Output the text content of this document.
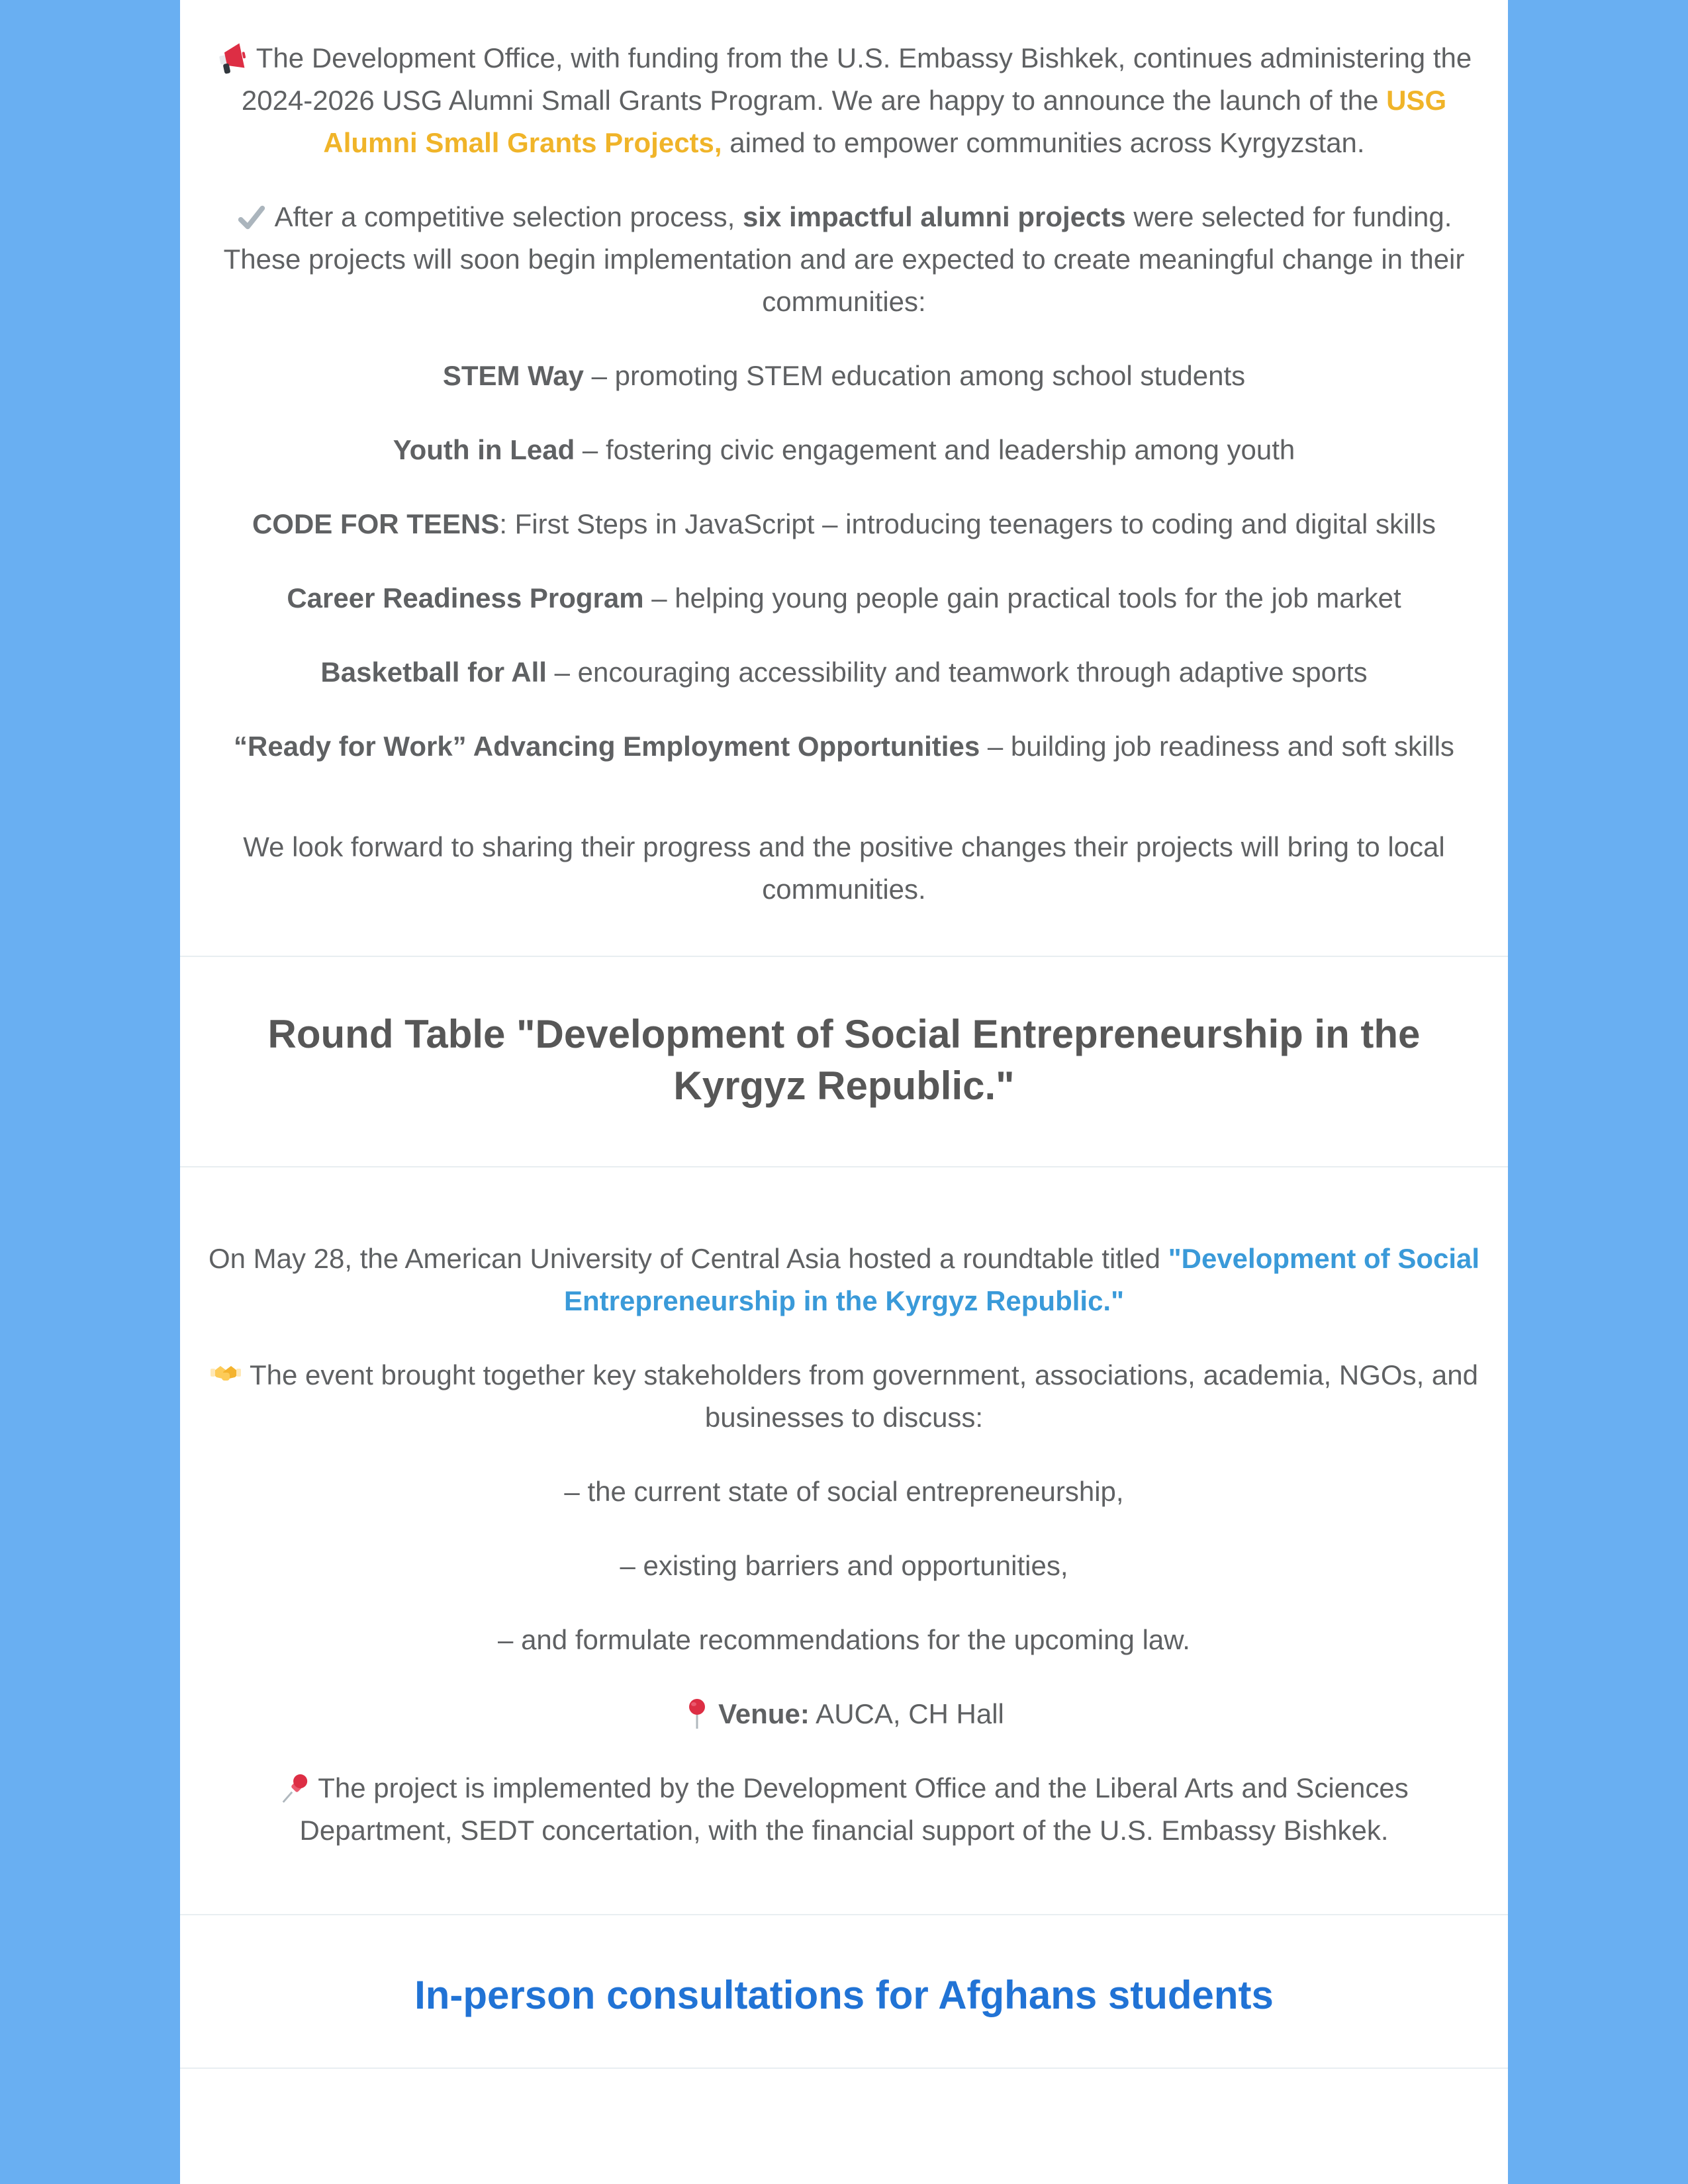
The Development Office, with funding from the U.S. Embassy Bishkek, continues administering the 2024-2026 USG Alumni Small Grants Program. We are happy to announce the launch of the USG Alumni Small Grants Projects, aimed to empower communities across Kyrgyzstan.

After a competitive selection process, six impactful alumni projects were selected for funding. These projects will soon begin implementation and are expected to create meaningful change in their communities:

STEM Way – promoting STEM education among school students

Youth in Lead – fostering civic engagement and leadership among youth

CODE FOR TEENS: First Steps in JavaScript – introducing teenagers to coding and digital skills

Career Readiness Program – helping young people gain practical tools for the job market

Basketball for All – encouraging accessibility and teamwork through adaptive sports

“Ready for Work” Advancing Employment Opportunities – building job readiness and soft skills

We look forward to sharing their progress and the positive changes their projects will bring to local communities.

Round Table "Development of Social Entrepreneurship in the Kyrgyz Republic."

On May 28, the American University of Central Asia hosted a roundtable titled "Development of Social Entrepreneurship in the Kyrgyz Republic."

The event brought together key stakeholders from government, associations, academia, NGOs, and businesses to discuss:

– the current state of social entrepreneurship,

– existing barriers and opportunities,

– and formulate recommendations for the upcoming law.

Venue: AUCA, CH Hall

The project is implemented by the Development Office and the Liberal Arts and Sciences Department, SEDT concertation, with the financial support of the U.S. Embassy Bishkek.

In-person consultations for Afghans students
